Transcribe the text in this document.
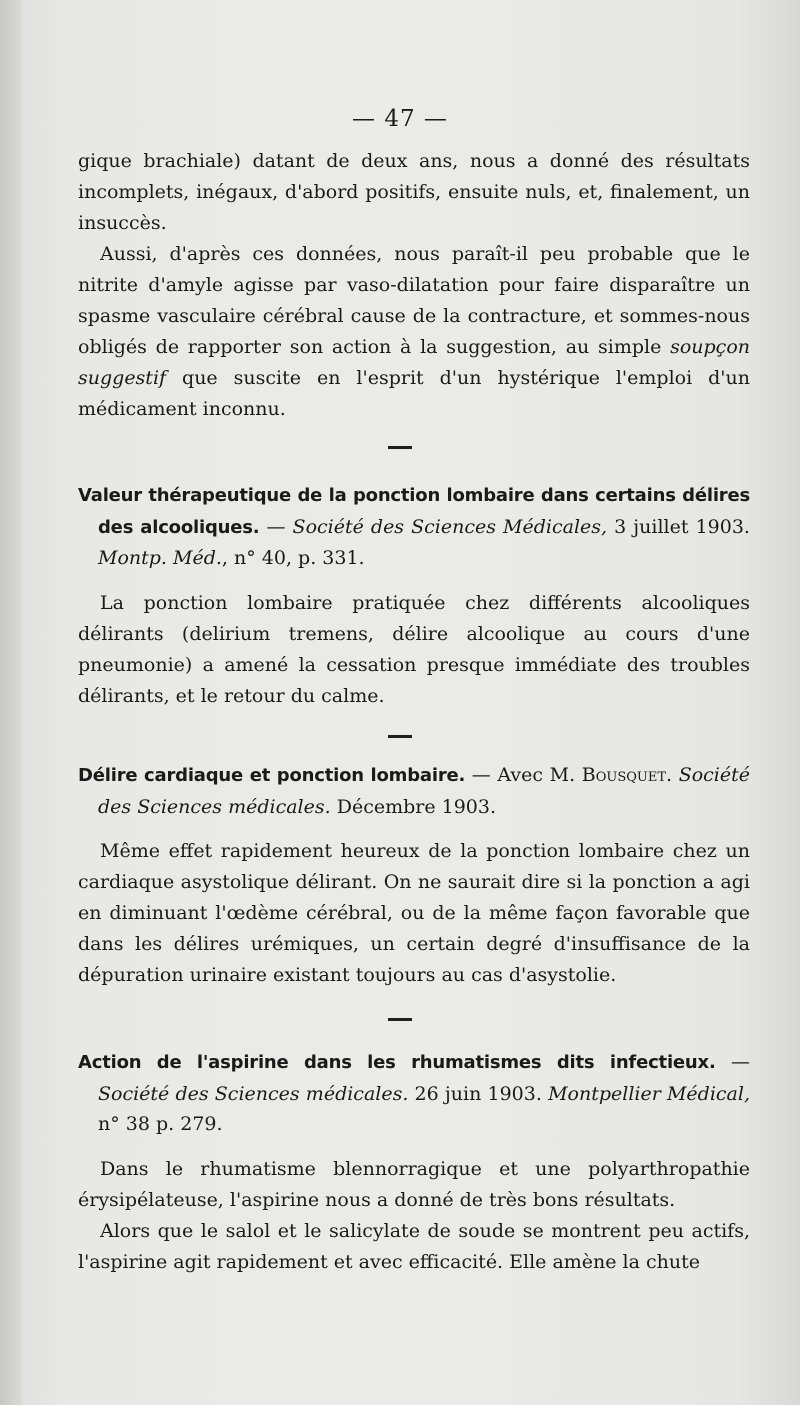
— 47 —

gique brachiale) datant de deux ans, nous a donné des résultats incomplets, inégaux, d'abord positifs, ensuite nuls, et, finalement, un insuccès.

Aussi, d'après ces données, nous paraît-il peu probable que le nitrite d'amyle agisse par vaso-dilatation pour faire disparaître un spasme vasculaire cérébral cause de la contracture, et sommes-nous obligés de rapporter son action à la suggestion, au simple soupçon suggestif que suscite en l'esprit d'un hystérique l'emploi d'un médicament inconnu.

Valeur thérapeutique de la ponction lombaire dans certains délires des alcooliques. — Société des Sciences Médicales, 3 juillet 1903. Montp. Méd., n° 40, p. 331.

La ponction lombaire pratiquée chez différents alcooliques délirants (delirium tremens, délire alcoolique au cours d'une pneumonie) a amené la cessation presque immédiate des troubles délirants, et le retour du calme.

Délire cardiaque et ponction lombaire. — Avec M. Bousquet. Société des Sciences médicales. Décembre 1903.

Même effet rapidement heureux de la ponction lombaire chez un cardiaque asystolique délirant. On ne saurait dire si la ponction a agi en diminuant l'œdème cérébral, ou de la même façon favorable que dans les délires urémiques, un certain degré d'insuffisance de la dépuration urinaire existant toujours au cas d'asystolie.

Action de l'aspirine dans les rhumatismes dits infectieux. — Société des Sciences médicales. 26 juin 1903. Montpellier Médical, n° 38 p. 279.

Dans le rhumatisme blennorragique et une polyarthropathie érysipélateuse, l'aspirine nous a donné de très bons résultats.

Alors que le salol et le salicylate de soude se montrent peu actifs, l'aspirine agit rapidement et avec efficacité. Elle amène la chute
